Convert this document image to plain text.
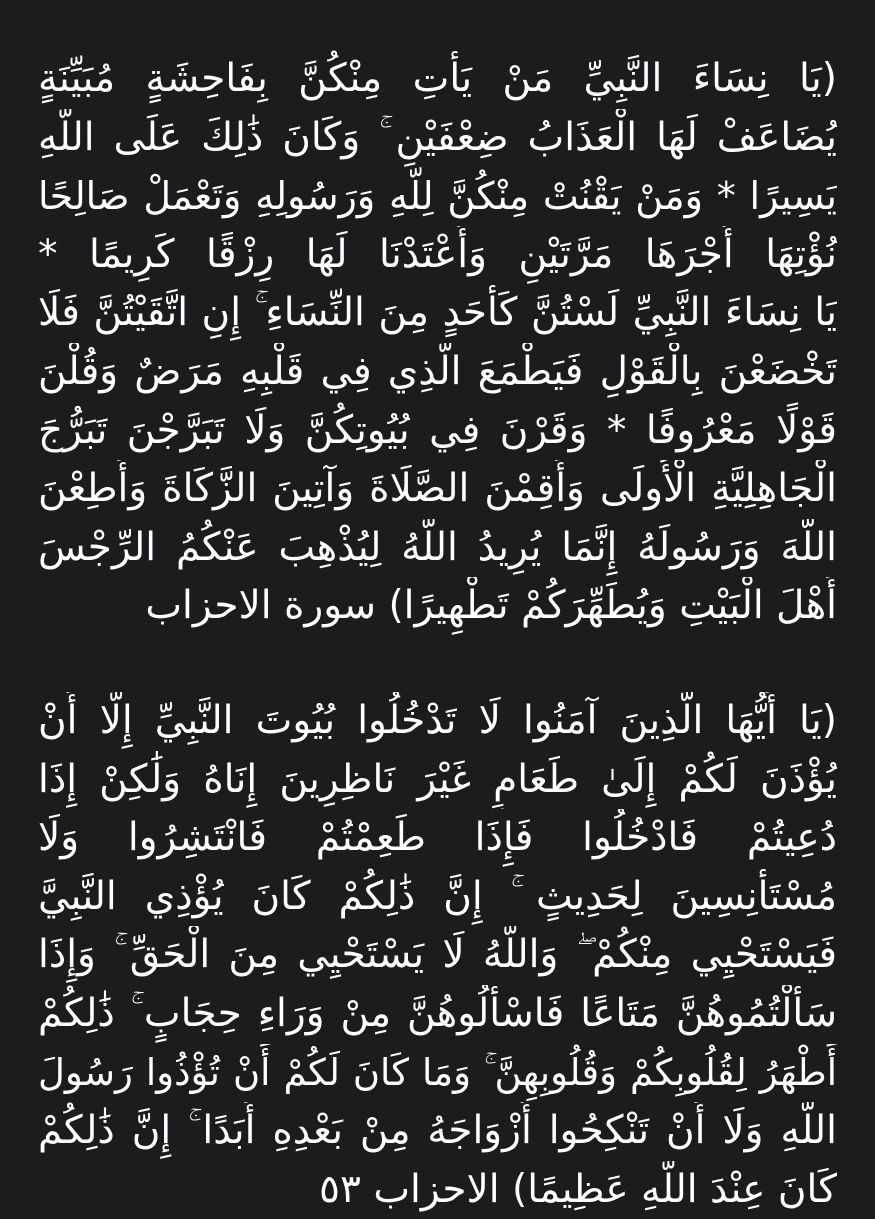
(يَا نِسَاءَ النَّبِيِّ مَنْ يَأْتِ مِنْكُنَّ بِفَاحِشَةٍ مُبَيِّنَةٍ
يُضَاعَفْ لَهَا الْعَذَابُ ضِعْفَيْنِ ۚ وَكَانَ ذَٰلِكَ عَلَى اللَّهِ
يَسِيرًا * وَمَنْ يَقْنُتْ مِنْكُنَّ لِلَّهِ وَرَسُولِهِ وَتَعْمَلْ صَالِحًا
نُؤْتِهَا أَجْرَهَا مَرَّتَيْنِ وَأَعْتَدْنَا لَهَا رِزْقًا كَرِيمًا *
يَا نِسَاءَ النَّبِيِّ لَسْتُنَّ كَأَحَدٍ مِنَ النِّسَاءِ ۚ إِنِ اتَّقَيْتُنَّ فَلَا
تَخْضَعْنَ بِالْقَوْلِ فَيَطْمَعَ الَّذِي فِي قَلْبِهِ مَرَضٌ وَقُلْنَ
قَوْلًا مَعْرُوفًا * وَقَرْنَ فِي بُيُوتِكُنَّ وَلَا تَبَرَّجْنَ تَبَرُّجَ
الْجَاهِلِيَّةِ الْأُولَى وَأَقِمْنَ الصَّلَاةَ وَآتِينَ الزَّكَاةَ وَأَطِعْنَ
اللَّهَ وَرَسُولَهُ إِنَّمَا يُرِيدُ اللَّهُ لِيُذْهِبَ عَنْكُمُ الرِّجْسَ
أَهْلَ الْبَيْتِ وَيُطَهِّرَكُمْ تَطْهِيرًا) سورة الاحزاب
(يَا أَيُّهَا الَّذِينَ آمَنُوا لَا تَدْخُلُوا بُيُوتَ النَّبِيِّ إِلَّا أَنْ
يُؤْذَنَ لَكُمْ إِلَىٰ طَعَامٍ غَيْرَ نَاظِرِينَ إِنَاهُ وَلَٰكِنْ إِذَا
دُعِيتُمْ فَادْخُلُوا فَإِذَا طَعِمْتُمْ فَانْتَشِرُوا وَلَا
مُسْتَأْنِسِينَ لِحَدِيثٍ ۚ إِنَّ ذَٰلِكُمْ كَانَ يُؤْذِي النَّبِيَّ
فَيَسْتَحْيِي مِنْكُمْ ۖ وَاللَّهُ لَا يَسْتَحْيِي مِنَ الْحَقِّ ۚ وَإِذَا
سَأَلْتُمُوهُنَّ مَتَاعًا فَاسْأَلُوهُنَّ مِنْ وَرَاءِ حِجَابٍ ۚ ذَٰلِكُمْ
أَطْهَرُ لِقُلُوبِكُمْ وَقُلُوبِهِنَّ ۚ وَمَا كَانَ لَكُمْ أَنْ تُؤْذُوا رَسُولَ
اللَّهِ وَلَا أَنْ تَنْكِحُوا أَزْوَاجَهُ مِنْ بَعْدِهِ أَبَدًا ۚ إِنَّ ذَٰلِكُمْ
كَانَ عِنْدَ اللَّهِ عَظِيمًا) الاحزاب ٥٣
